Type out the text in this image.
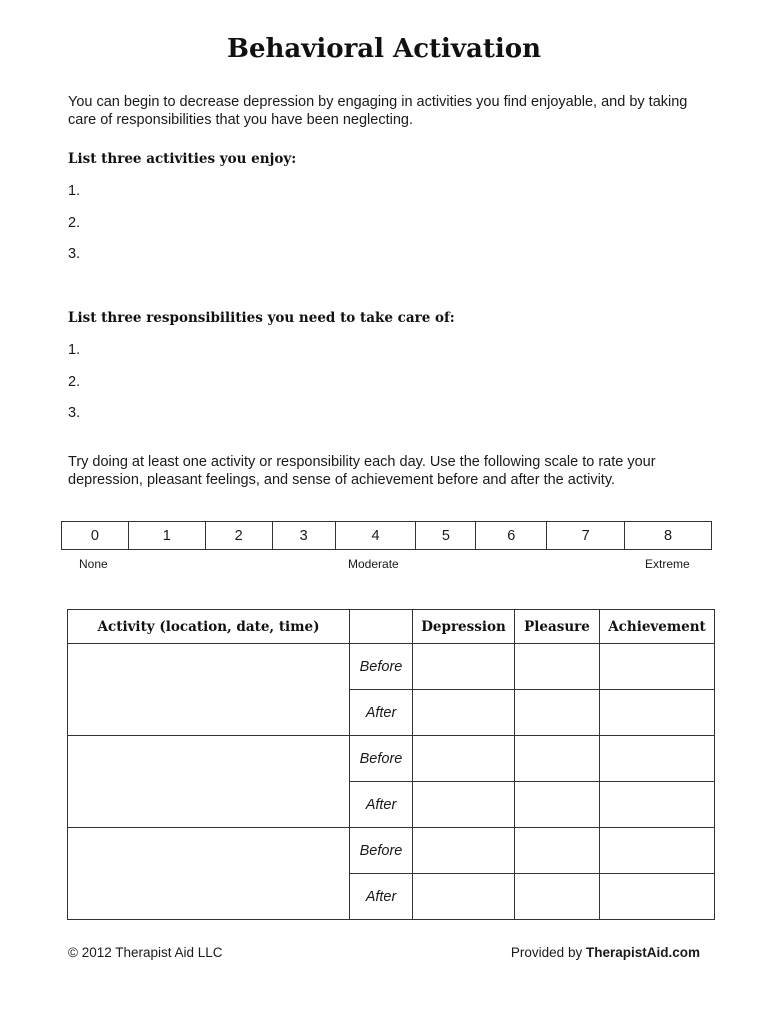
Behavioral Activation
You can begin to decrease depression by engaging in activities you find enjoyable, and by taking care of responsibilities that you have been neglecting.
List three activities you enjoy:
1.
2.
3.
List three responsibilities you need to take care of:
1.
2.
3.
Try doing at least one activity or responsibility each day. Use the following scale to rate your depression, pleasant feelings, and sense of achievement before and after the activity.
0	1	2	3	4	5	6	7	8
None	Moderate	Extreme
Activity (location, date, time)		Depression	Pleasure	Achievement
	Before			
	After			
	Before			
	After			
	Before			
	After			
© 2012 Therapist Aid LLC	Provided by TherapistAid.com
